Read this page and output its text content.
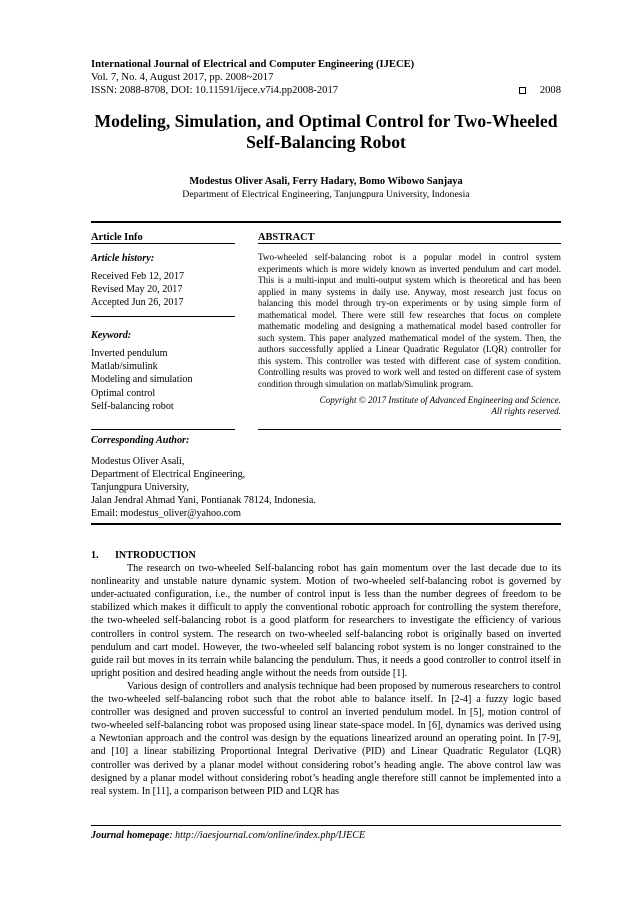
International Journal of Electrical and Computer Engineering (IJECE)
Vol. 7, No. 4, August 2017, pp. 2008~2017
ISSN: 2088-8708, DOI: 10.11591/ijece.v7i4.pp2008-2017	2008
Modeling, Simulation, and Optimal Control for Two-Wheeled
Self-Balancing Robot
Modestus Oliver Asali, Ferry Hadary, Bomo Wibowo Sanjaya
Department of Electrical Engineering, Tanjungpura University, Indonesia
Article Info
Article history:
Received Feb 12, 2017
Revised May 20, 2017
Accepted Jun 26, 2017
Keyword:
Inverted pendulum
Matlab/simulink
Modeling and simulation
Optimal control
Self-balancing robot
ABSTRACT
Two-wheeled self-balancing robot is a popular model in control system experiments which is more widely known as inverted pendulum and cart model. This is a multi-input and multi-output system which is theoretical and has been applied in many systems in daily use. Anyway, most research just focus on balancing this model through try-on experiments or by using simple form of mathematical model. There were still few researches that focus on complete mathematic modeling and designing a mathematical model based controller for such system. This paper analyzed mathematical model of the system. Then, the authors successfully applied a Linear Quadratic Regulator (LQR) controller for this system. This controller was tested with different case of system condition. Controlling results was proved to work well and tested on different case of system condition through simulation on matlab/Simulink program.
Copyright © 2017 Institute of Advanced Engineering and Science.
All rights reserved.
Corresponding Author:
Modestus Oliver Asali,
Department of Electrical Engineering,
Tanjungpura University,
Jalan Jendral Ahmad Yani, Pontianak 78124, Indonesia.
Email: modestus_oliver@yahoo.com
1. INTRODUCTION

The research on two-wheeled Self-balancing robot has gain momentum over the last decade due to its nonlinearity and unstable nature dynamic system. Motion of two-wheeled self-balancing robot is governed by under-actuated configuration, i.e., the number of control input is less than the number degrees of freedom to be stabilized which makes it difficult to apply the conventional robotic approach for controlling the system therefore, the two-wheeled self-balancing robot is a good platform for researchers to investigate the efficiency of various controllers in control system. The research on two-wheeled self-balancing robot is originally based on inverted pendulum and cart model. However, the two-wheeled self balancing robot system is no longer constrained to the guide rail but moves in its terrain while balancing the pendulum. Thus, it needs a good controller to control itself in upright position and desired heading angle without the needs from outside [1].

Various design of controllers and analysis technique had been proposed by numerous researchers to control the two-wheeled self-balancing robot such that the robot able to balance itself. In [2-4] a fuzzy logic based controller was designed and proven successful to control an inverted pendulum model. In [5], motion control of two-wheeled self-balancing robot was proposed using linear state-space model. In [6], dynamics was derived using a Newtonian approach and the control was design by the equations linearized around an operating point. In [7-9], and [10] a linear stabilizing Proportional Integral Derivative (PID) and Linear Quadratic Regulator (LQR) controller was derived by a planar model without considering robot’s heading angle. The above control law was designed by a planar model without considering robot’s heading angle therefore still cannot be implemented into a real system. In [11], a comparison between PID and LQR has

Journal homepage: http://iaesjournal.com/online/index.php/IJECE
